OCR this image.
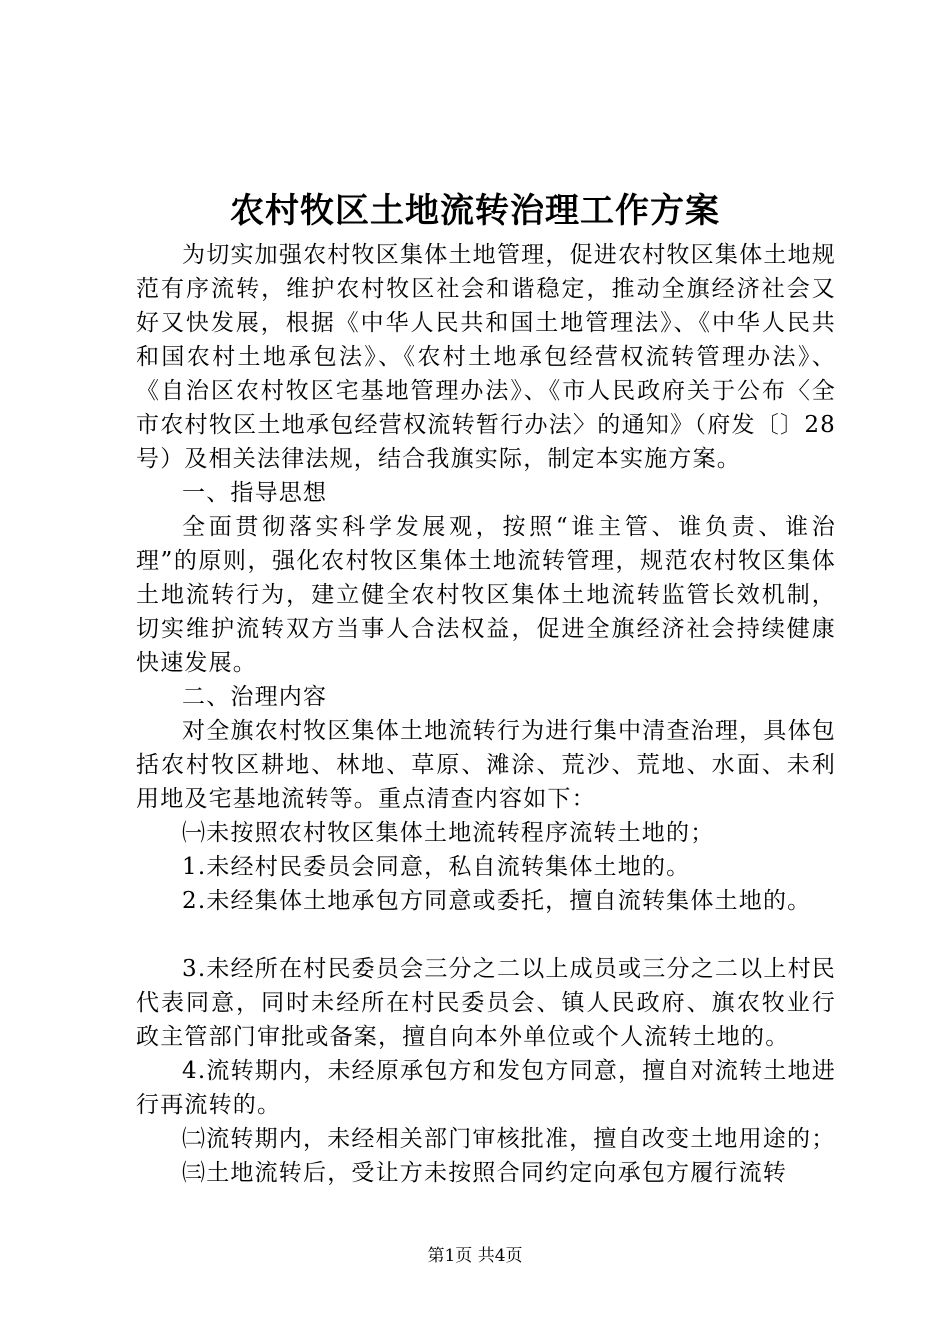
农村牧区土地流转治理工作方案

为切实加强农村牧区集体土地管理，促进农村牧区集体土地规范有序流转，维护农村牧区社会和谐稳定，推动全旗经济社会又好又快发展，根据《中华人民共和国土地管理法》、《中华人民共和国农村土地承包法》、《农村土地承包经营权流转管理办法》、《自治区农村牧区宅基地管理办法》、《市人民政府关于公布〈全市农村牧区土地承包经营权流转暂行办法〉的通知》（府发〔〕28号）及相关法律法规，结合我旗实际，制定本实施方案。

一、指导思想

全面贯彻落实科学发展观，按照“谁主管、谁负责、谁治理”的原则，强化农村牧区集体土地流转管理，规范农村牧区集体土地流转行为，建立健全农村牧区集体土地流转监管长效机制，切实维护流转双方当事人合法权益，促进全旗经济社会持续健康快速发展。

二、治理内容

对全旗农村牧区集体土地流转行为进行集中清查治理，具体包括农村牧区耕地、林地、草原、滩涂、荒沙、荒地、水面、未利用地及宅基地流转等。重点清查内容如下：

㈠未按照农村牧区集体土地流转程序流转土地的；

1.未经村民委员会同意，私自流转集体土地的。

2.未经集体土地承包方同意或委托，擅自流转集体土地的。

3.未经所在村民委员会三分之二以上成员或三分之二以上村民代表同意，同时未经所在村民委员会、镇人民政府、旗农牧业行政主管部门审批或备案，擅自向本外单位或个人流转土地的。

4.流转期内，未经原承包方和发包方同意，擅自对流转土地进行再流转的。

㈡流转期内，未经相关部门审核批准，擅自改变土地用途的；

㈢土地流转后，受让方未按照合同约定向承包方履行流转

第1页 共4页
